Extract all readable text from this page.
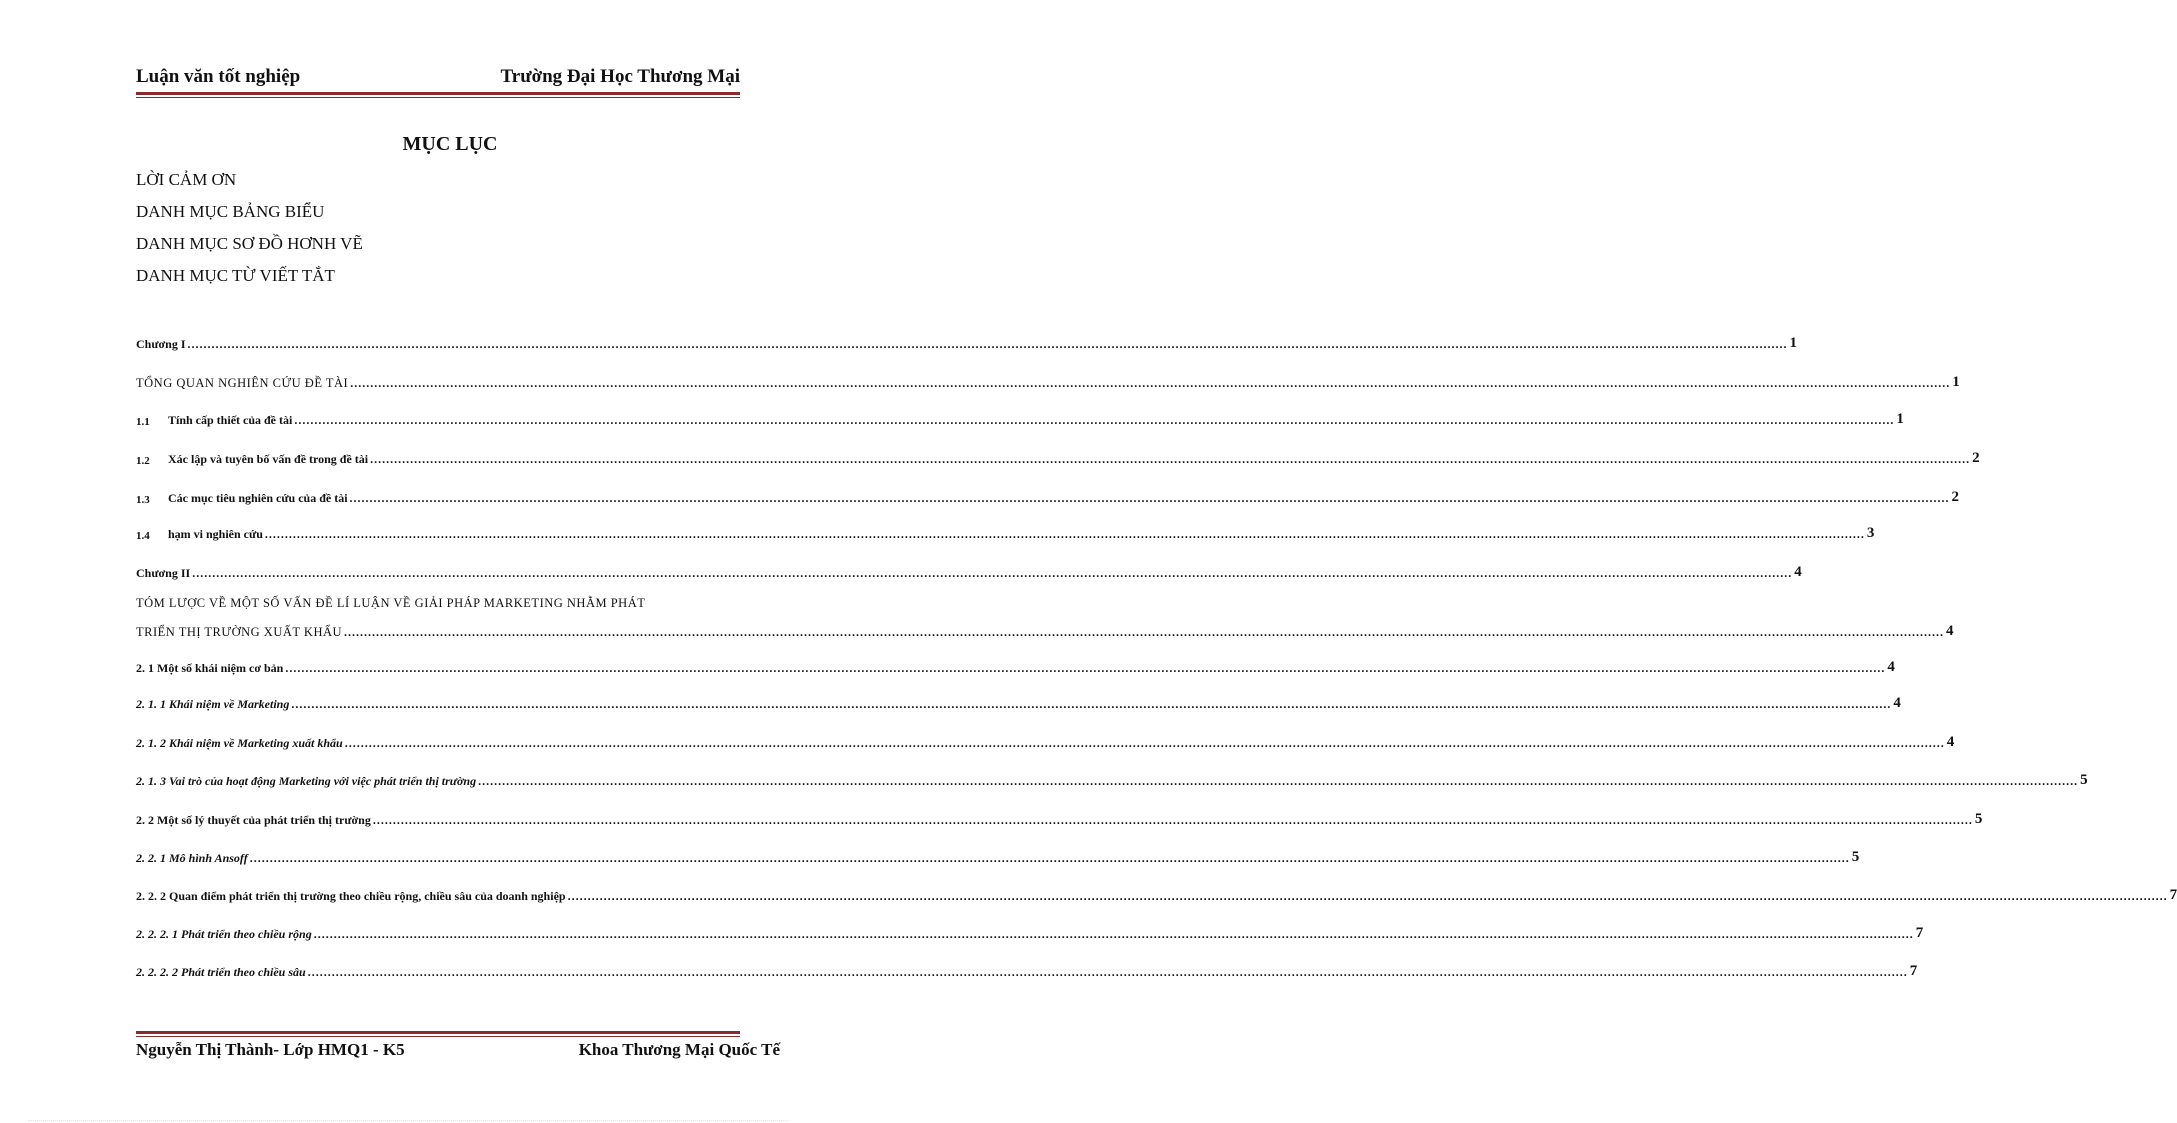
Luận văn tốt nghiệp	Trường Đại Học Thương Mại
MỤC LỤC
LỜI CẢM ƠN
DANH MỤC BẢNG BIỂU
DANH MỤC SƠ ĐỒ HƠNH VẼ
DANH MỤC TỪ VIẾT TẮT
Chương I ................................................................................................................................................................................................................................................................................................................................................................................................................ 1
TỔNG QUAN NGHIÊN CỨU ĐỀ TÀI ................................................................................................................................................................................................................................................................................................................................................................................................................ 1
1.1	Tính cấp thiết của đề tài ................................................................................................................................................................................................................................................................................................................................................................................................................ 1
1.2	Xác lập và tuyên bố vấn đề trong đề tài ................................................................................................................................................................................................................................................................................................................................................................................................................ 2
1.3	Các mục tiêu nghiên cứu của đề tài ................................................................................................................................................................................................................................................................................................................................................................................................................ 2
1.4	hạm vi nghiên cứu ................................................................................................................................................................................................................................................................................................................................................................................................................ 3
Chương II ................................................................................................................................................................................................................................................................................................................................................................................................................ 4
TÓM LƯỢC VỀ MỘT SỐ VẤN ĐỀ LÍ LUẬN VỀ GIẢI PHÁP MARKETING NHẰM PHÁT
TRIỂN THỊ TRƯỜNG XUẤT KHẨU ................................................................................................................................................................................................................................................................................................................................................................................................................ 4
2. 1 Một số khái niệm cơ bản ................................................................................................................................................................................................................................................................................................................................................................................................................ 4
2. 1. 1 Khái niệm về Marketing ................................................................................................................................................................................................................................................................................................................................................................................................................ 4
2. 1. 2 Khái niệm về Marketing xuất khẩu ................................................................................................................................................................................................................................................................................................................................................................................................................ 4
2. 1. 3 Vai trò của hoạt động Marketing với việc phát triển thị trường ................................................................................................................................................................................................................................................................................................................................................................................................................ 5
2. 2 Một số lý thuyết của phát triển thị trường ................................................................................................................................................................................................................................................................................................................................................................................................................ 5
2. 2. 1 Mô hình Ansoff ................................................................................................................................................................................................................................................................................................................................................................................................................ 5
2. 2. 2 Quan điểm phát triển thị trường theo chiều rộng, chiều sâu của doanh nghiệp ................................................................................................................................................................................................................................................................................................................................................................................................................ 7
2. 2. 2. 1 Phát triển theo chiều rộng ................................................................................................................................................................................................................................................................................................................................................................................................................ 7
2. 2. 2. 2 Phát triển theo chiều sâu ................................................................................................................................................................................................................................................................................................................................................................................................................ 7
Nguyễn Thị Thành- Lớp HMQ1 - K5	Khoa Thương Mại Quốc Tế
